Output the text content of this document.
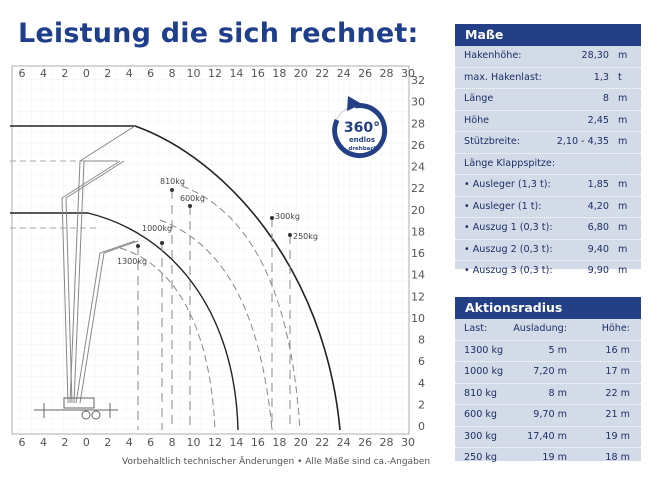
Leistung die sich rechnet:
6 4 2 0 2 4 6 8 10 12 14 16 18 20 22 24 26 28 30
6 4 2 0 2 4 6 8 10 12 14 16 18 20 22 24 26 28 30
32
30
28
26
24
22
20
18
16
14
12
10
8
6
4
2
0
810kg
600kg
1000kg
1300kg
300kg
250kg
360°
endlos
drehbar!
Vorbehaltlich technischer Änderungen • Alle Maße sind ca.-Angaben
Maße
Hakenhöhe:	28,30 m
max. Hakenlast:	1,3 t
Länge	8 m
Höhe	2,45 m
Stützbreite:	2,10 - 4,35 m
Länge Klappspitze:
• Ausleger (1,3 t):	1,85 m
• Ausleger (1 t):	4,20 m
• Auszug 1 (0,3 t):	6,80 m
• Auszug 2 (0,3 t):	9,40 m
• Auszug 3 (0,3 t):	9,90 m
Aktionsradius
Last:	Ausladung:	Höhe:
1300 kg	5 m	16 m
1000 kg	7,20 m	17 m
810 kg	8 m	22 m
600 kg	9,70 m	21 m
300 kg	17,40 m	19 m
250 kg	19 m	18 m
